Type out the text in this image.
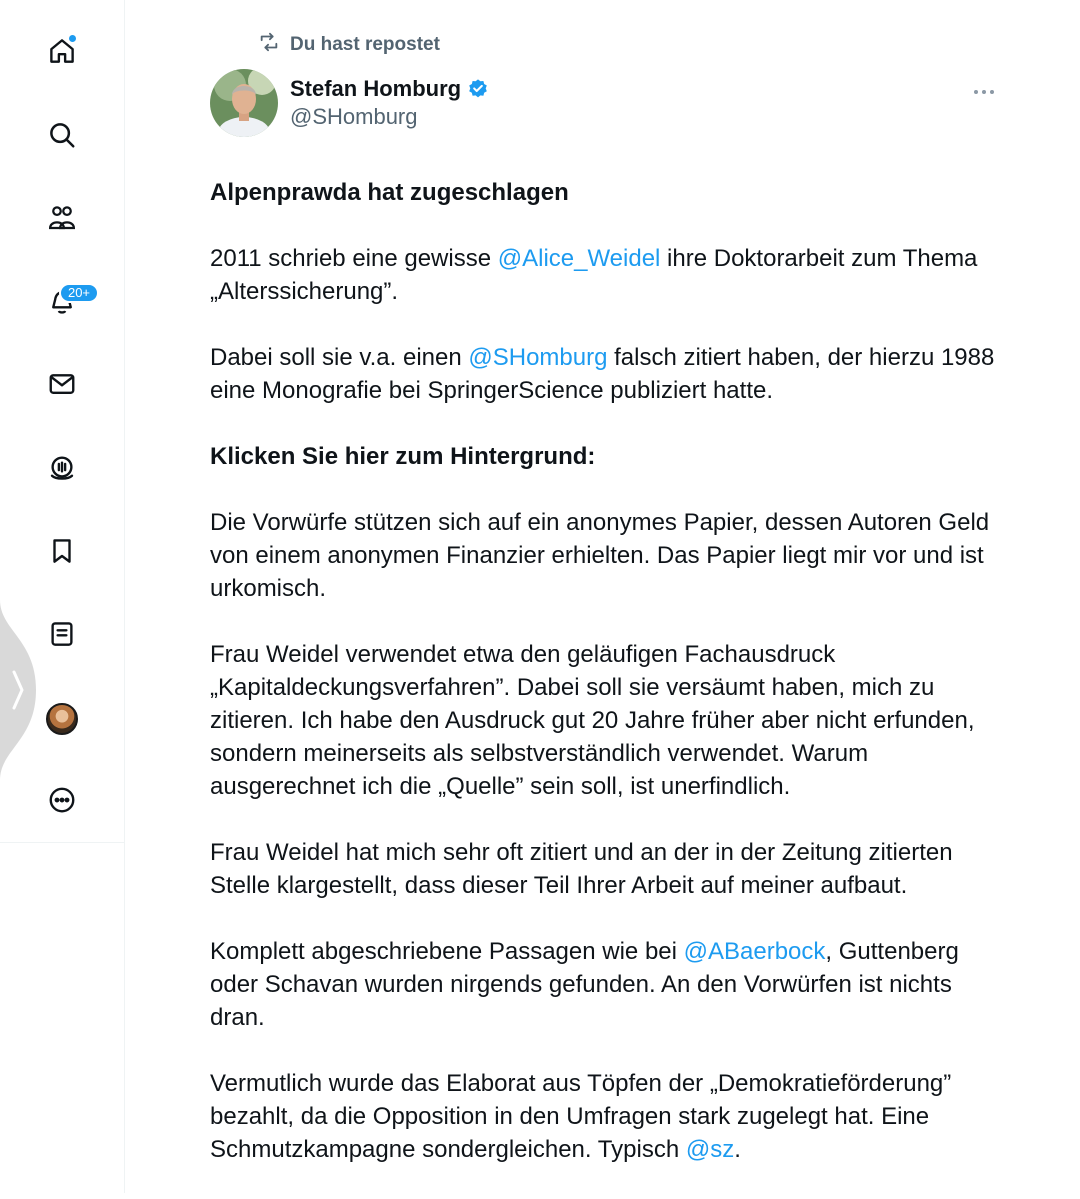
20+
Du hast repostet
Stefan Homburg
@SHomburg

Alpenprawda hat zugeschlagen

2011 schrieb eine gewisse @Alice_Weidel ihre Doktorarbeit zum Thema „Alterssicherung”.

Dabei soll sie v.a. einen @SHomburg falsch zitiert haben, der hierzu 1988 eine Monografie bei SpringerScience publiziert hatte.

Klicken Sie hier zum Hintergrund:

Die Vorwürfe stützen sich auf ein anonymes Papier, dessen Autoren Geld von einem anonymen Finanzier erhielten. Das Papier liegt mir vor und ist urkomisch.

Frau Weidel verwendet etwa den geläufigen Fachausdruck „Kapitaldeckungsverfahren”. Dabei soll sie versäumt haben, mich zu zitieren. Ich habe den Ausdruck gut 20 Jahre früher aber nicht erfunden, sondern meinerseits als selbstverständlich verwendet. Warum ausgerechnet ich die „Quelle” sein soll, ist unerfindlich.

Frau Weidel hat mich sehr oft zitiert und an der in der Zeitung zitierten Stelle klargestellt, dass dieser Teil Ihrer Arbeit auf meiner aufbaut.

Komplett abgeschriebene Passagen wie bei @ABaerbock, Guttenberg oder Schavan wurden nirgends gefunden. An den Vorwürfen ist nichts dran.

Vermutlich wurde das Elaborat aus Töpfen der „Demokratieförderung” bezahlt, da die Opposition in den Umfragen stark zugelegt hat. Eine Schmutzkampagne sondergleichen. Typisch @sz.
